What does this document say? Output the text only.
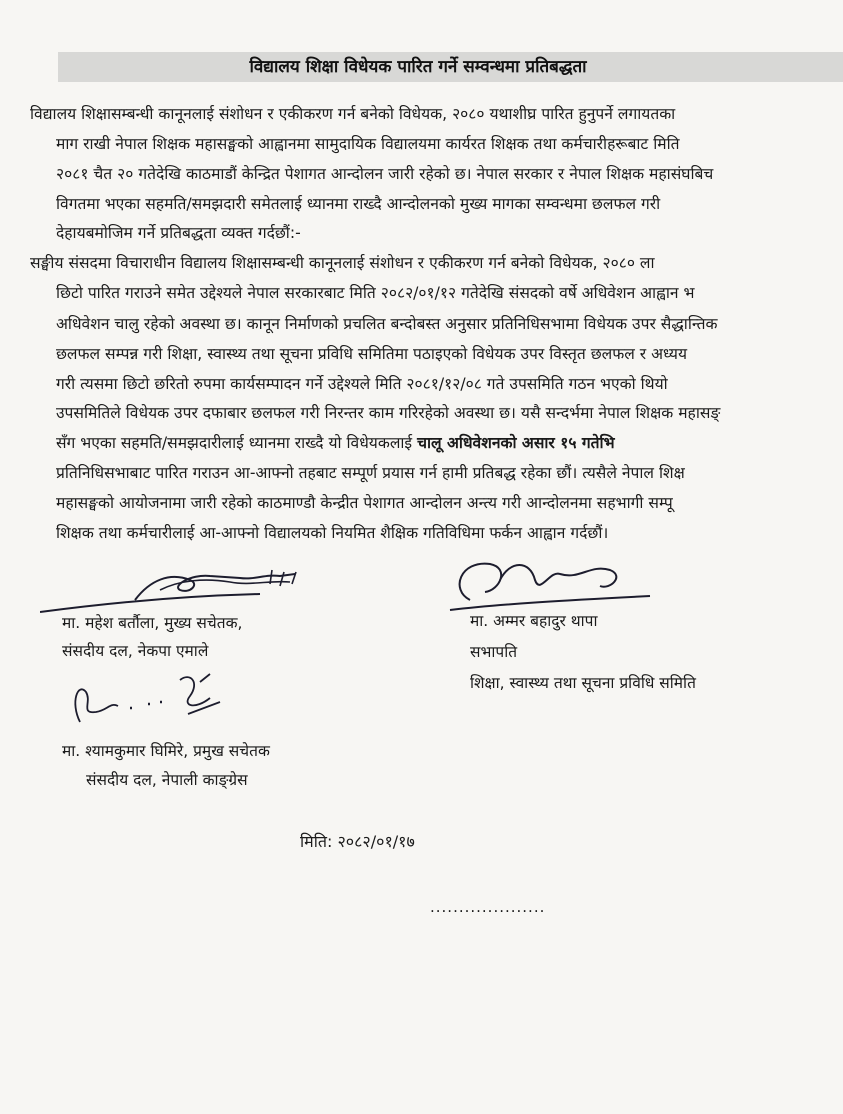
विद्यालय शिक्षा विधेयक पारित गर्ने सम्वन्धमा प्रतिबद्धता
विद्यालय शिक्षासम्बन्धी कानूनलाई संशोधन र एकीकरण गर्न बनेको विधेयक, २०८० यथाशीघ्र पारित हुनुपर्ने लगायतका
माग राखी नेपाल शिक्षक महासङ्घको आह्वानमा सामुदायिक विद्यालयमा कार्यरत शिक्षक तथा कर्मचारीहरूबाट मिति
२०८१ चैत २० गतेदेखि काठमाडौं केन्द्रित पेशागत आन्दोलन जारी रहेको छ। नेपाल सरकार र नेपाल शिक्षक महासंघबिच
विगतमा भएका सहमति/समझदारी समेतलाई ध्यानमा राख्दै आन्दोलनको मुख्य मागका सम्वन्धमा छलफल गरी
देहायबमोजिम गर्ने प्रतिबद्धता व्यक्त गर्दछौं:-
सङ्घीय संसदमा विचाराधीन विद्यालय शिक्षासम्बन्धी कानूनलाई संशोधन र एकीकरण गर्न बनेको विधेयक, २०८० ला
छिटो पारित गराउने समेत उद्देश्यले नेपाल सरकारबाट मिति २०८२/०१/१२ गतेदेखि संसदको वर्षे अधिवेशन आह्वान भ
अधिवेशन चालु रहेको अवस्था छ। कानून निर्माणको प्रचलित बन्दोबस्त अनुसार प्रतिनिधिसभामा विधेयक उपर सैद्धान्तिक
छलफल सम्पन्न गरी शिक्षा, स्वास्थ्य तथा सूचना प्रविधि समितिमा पठाइएको विधेयक उपर विस्तृत छलफल र अध्यय
गरी त्यसमा छिटो छरितो रुपमा कार्यसम्पादन गर्ने उद्देश्यले मिति २०८१/१२/०८ गते उपसमिति गठन भएको थियो
उपसमितिले विधेयक उपर दफाबार छलफल गरी निरन्तर काम गरिरहेको अवस्था छ। यसै सन्दर्भमा नेपाल शिक्षक महासङ्
सँग भएका सहमति/समझदारीलाई ध्यानमा राख्दै यो विधेयकलाई चालू अधिवेशनको असार १५ गतेभि
प्रतिनिधिसभाबाट पारित गराउन आ-आफ्नो तहबाट सम्पूर्ण प्रयास गर्न हामी प्रतिबद्ध रहेका छौं। त्यसैले नेपाल शिक्ष
महासङ्घको आयोजनामा जारी रहेको काठमाण्डौ केन्द्रीत पेशागत आन्दोलन अन्त्य गरी आन्दोलनमा सहभागी सम्पू
शिक्षक तथा कर्मचारीलाई आ-आफ्नो विद्यालयको नियमित शैक्षिक गतिविधिमा फर्कन आह्वान गर्दछौं।
मा. महेश बर्तौला, मुख्य सचेतक,
संसदीय दल, नेकपा एमाले
मा. अम्मर बहादुर थापा
सभापति
शिक्षा, स्वास्थ्य तथा सूचना प्रविधि समिति
मा. श्यामकुमार घिमिरे, प्रमुख सचेतक
संसदीय दल, नेपाली काङ्ग्रेस
मिति: २०८२/०१/१७
....................
